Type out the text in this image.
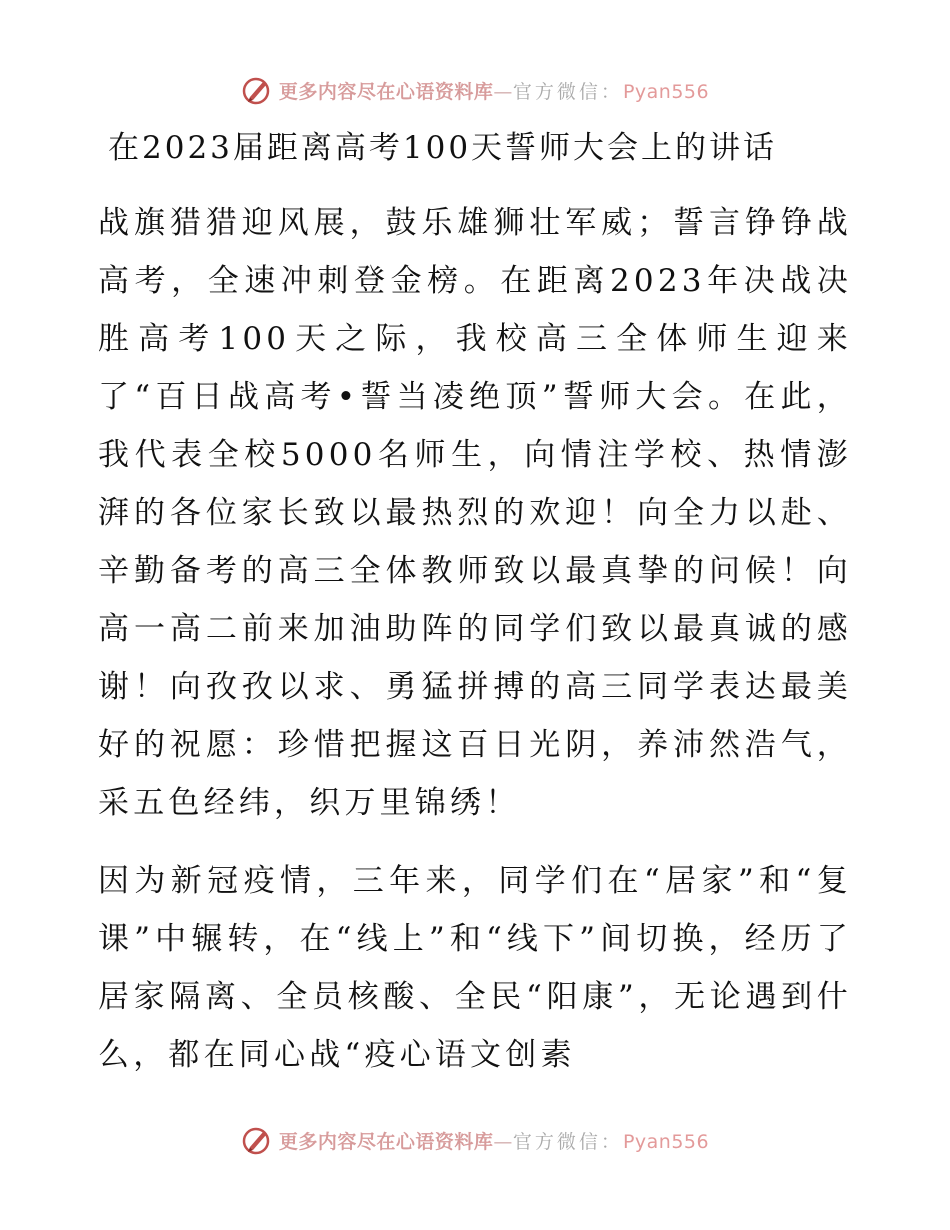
更多内容尽在心语资料库—官方微信：Pyan556
在2023届距离高考100天誓师大会上的讲话
战旗猎猎迎风展，鼓乐雄狮壮军威；誓言铮铮战高考，全速冲刺登金榜。在距离2023年决战决胜高考100天之际，我校高三全体师生迎来了“百日战高考•誓当凌绝顶”誓师大会。在此，我代表全校5000名师生，向情注学校、热情澎湃的各位家长致以最热烈的欢迎！向全力以赴、辛勤备考的高三全体教师致以最真挚的问候！向高一高二前来加油助阵的同学们致以最真诚的感谢！向孜孜以求、勇猛拼搏的高三同学表达最美好的祝愿：珍惜把握这百日光阴，养沛然浩气，采五色经纬，织万里锦绣！
因为新冠疫情，三年来，同学们在“居家”和“复课”中辗转，在“线上”和“线下”间切换，经历了居家隔离、全员核酸、全民“阳康”，无论遇到什么，都在同心战“疫心语文创素
更多内容尽在心语资料库—官方微信：Pyan556
